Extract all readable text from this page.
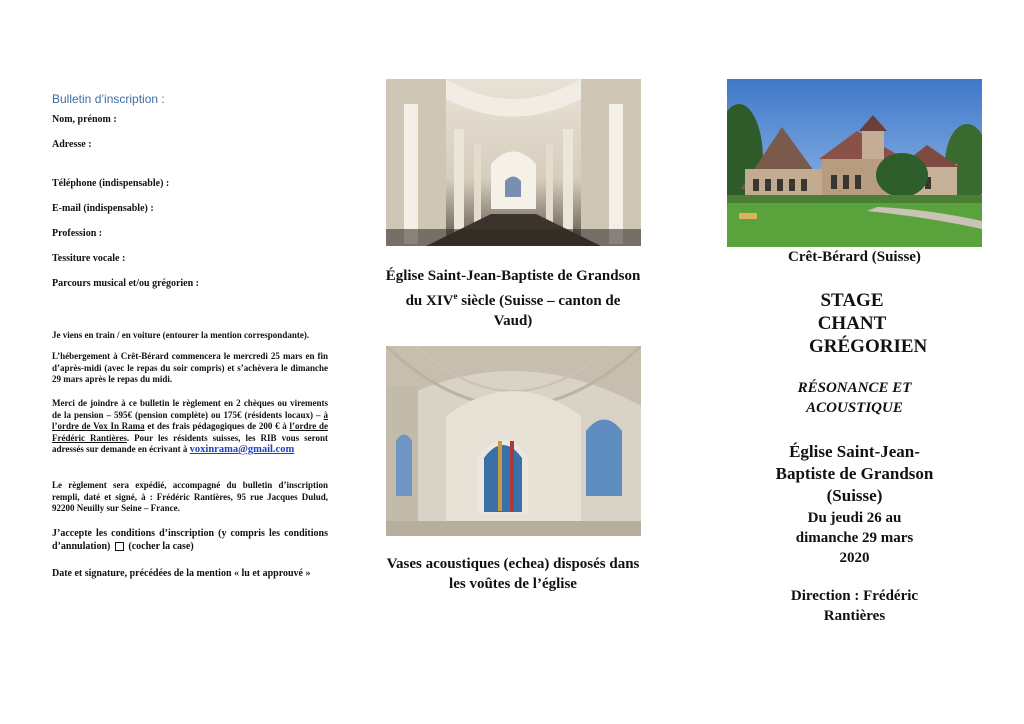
Bulletin d’inscription :
Nom, prénom :
Adresse :
Téléphone (indispensable) :
E-mail (indispensable) :
Profession :
Tessiture vocale :
Parcours musical et/ou grégorien :
Je viens en train / en voiture (entourer la mention correspondante).
L’hébergement à Crêt-Bérard commencera le mercredi 25 mars en fin d’après-midi (avec le repas du soir compris) et s’achèvera le dimanche 29 mars après le repas du midi.
Merci de joindre à ce bulletin le règlement en 2 chèques ou virements de la pension – 595€ (pension complète) ou 175€ (résidents locaux) – à l’ordre de Vox In Rama et des frais pédagogiques de 200 € à l’ordre de Frédéric Rantières. Pour les résidents suisses, les RIB vous seront adressés sur demande en écrivant à voxinrama@gmail.com
Le règlement sera expédié, accompagné du bulletin d’inscription rempli, daté et signé, à : Frédéric Rantières, 95 rue Jacques Dulud, 92200 Neuilly sur Seine – France.
J’accepte les conditions d’inscription (y compris les conditions d’annulation) (cocher la case)
Date et signature, précédées de la mention « lu et approuvé »
Église Saint-Jean-Baptiste de Grandson du XIVe siècle (Suisse – canton de Vaud)
Vases acoustiques (echea) disposés dans les voûtes de l’église
Crêt-Bérard (Suisse)
STAGE CHANT GRÉGORIEN
RÉSONANCE ET ACOUSTIQUE
Église Saint-Jean-Baptiste de Grandson (Suisse)
Du jeudi 26 au dimanche 29 mars 2020
Direction : Frédéric Rantières
